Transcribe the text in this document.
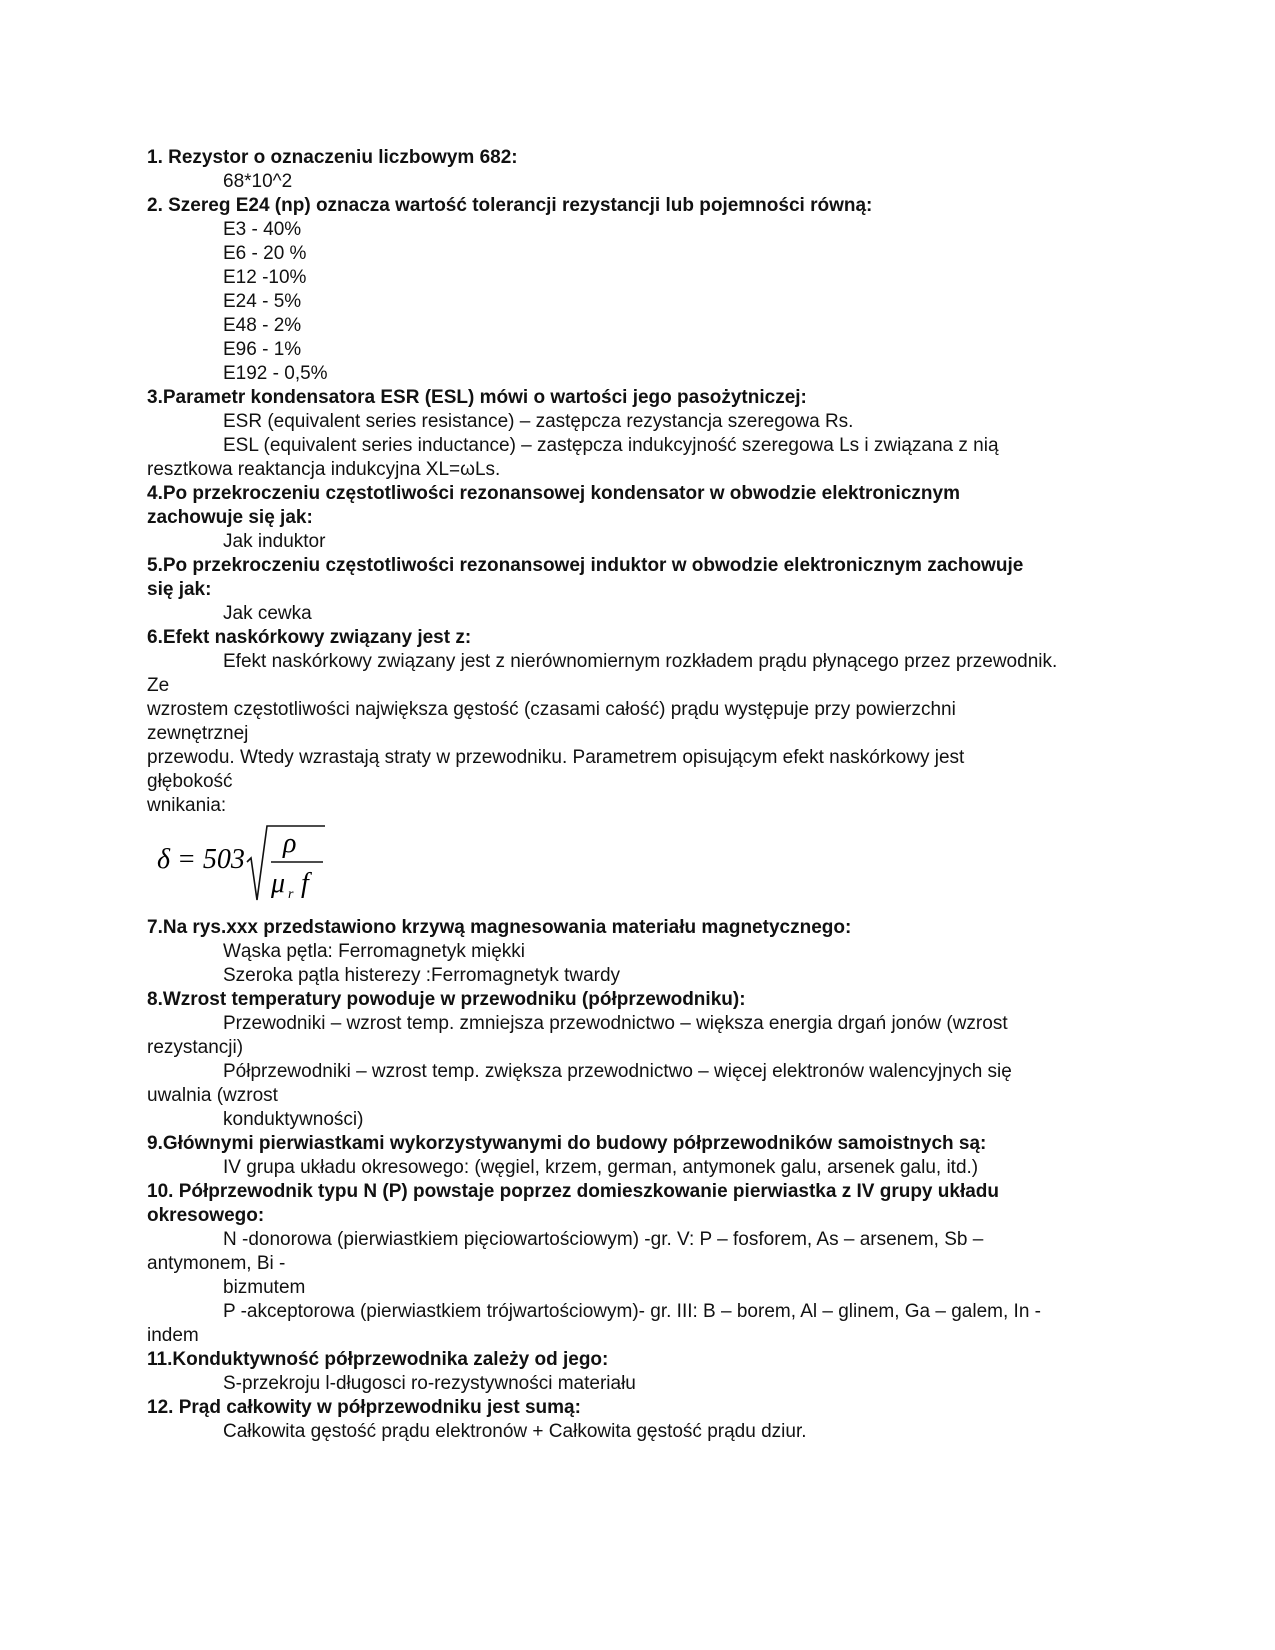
1. Rezystor o oznaczeniu liczbowym 682:
68*10^2
2. Szereg E24 (np) oznacza wartość tolerancji rezystancji lub pojemności równą:
E3 - 40%
E6 - 20 %
E12 -10%
E24 - 5%
E48 - 2%
E96 - 1%
E192 - 0,5%
3.Parametr kondensatora ESR (ESL) mówi o wartości jego pasożytniczej:
ESR (equivalent series resistance) – zastępcza rezystancja szeregowa Rs.
ESL (equivalent series inductance) – zastępcza indukcyjność szeregowa Ls i związana z nią
resztkowa reaktancja indukcyjna XL=ωLs.
4.Po przekroczeniu częstotliwości rezonansowej kondensator w obwodzie elektronicznym
zachowuje się jak:
Jak induktor
5.Po przekroczeniu częstotliwości rezonansowej induktor w obwodzie elektronicznym zachowuje
się jak:
Jak cewka
6.Efekt naskórkowy związany jest z:
Efekt naskórkowy związany jest z nierównomiernym rozkładem prądu płynącego przez przewodnik.
Ze
wzrostem częstotliwości największa gęstość (czasami całość) prądu występuje przy powierzchni
zewnętrznej
przewodu. Wtedy wzrastają straty w przewodniku. Parametrem opisującym efekt naskórkowy jest
głębokość
wnikania:
δ = 503
ρ
μ r f
7.Na rys.xxx przedstawiono krzywą magnesowania materiału magnetycznego:
Wąska pętla: Ferromagnetyk miękki
Szeroka pątla histerezy :Ferromagnetyk twardy
8.Wzrost temperatury powoduje w przewodniku (półprzewodniku):
Przewodniki – wzrost temp. zmniejsza przewodnictwo – większa energia drgań jonów (wzrost
rezystancji)
Półprzewodniki – wzrost temp. zwiększa przewodnictwo – więcej elektronów walencyjnych się
uwalnia (wzrost
konduktywności)
9.Głównymi pierwiastkami wykorzystywanymi do budowy półprzewodników samoistnych są:
IV grupa układu okresowego: (węgiel, krzem, german, antymonek galu, arsenek galu, itd.)
10. Półprzewodnik typu N (P) powstaje poprzez domieszkowanie pierwiastka z IV grupy układu
okresowego:
N -donorowa (pierwiastkiem pięciowartościowym) -gr. V: P – fosforem, As – arsenem, Sb –
antymonem, Bi -
bizmutem
P -akceptorowa (pierwiastkiem trójwartościowym)- gr. III: B – borem, Al – glinem, Ga – galem, In -
indem
11.Konduktywność półprzewodnika zależy od jego:
S-przekroju l-długosci ro-rezystywności materiału
12. Prąd całkowity w półprzewodniku jest sumą:
Całkowita gęstość prądu elektronów + Całkowita gęstość prądu dziur.
